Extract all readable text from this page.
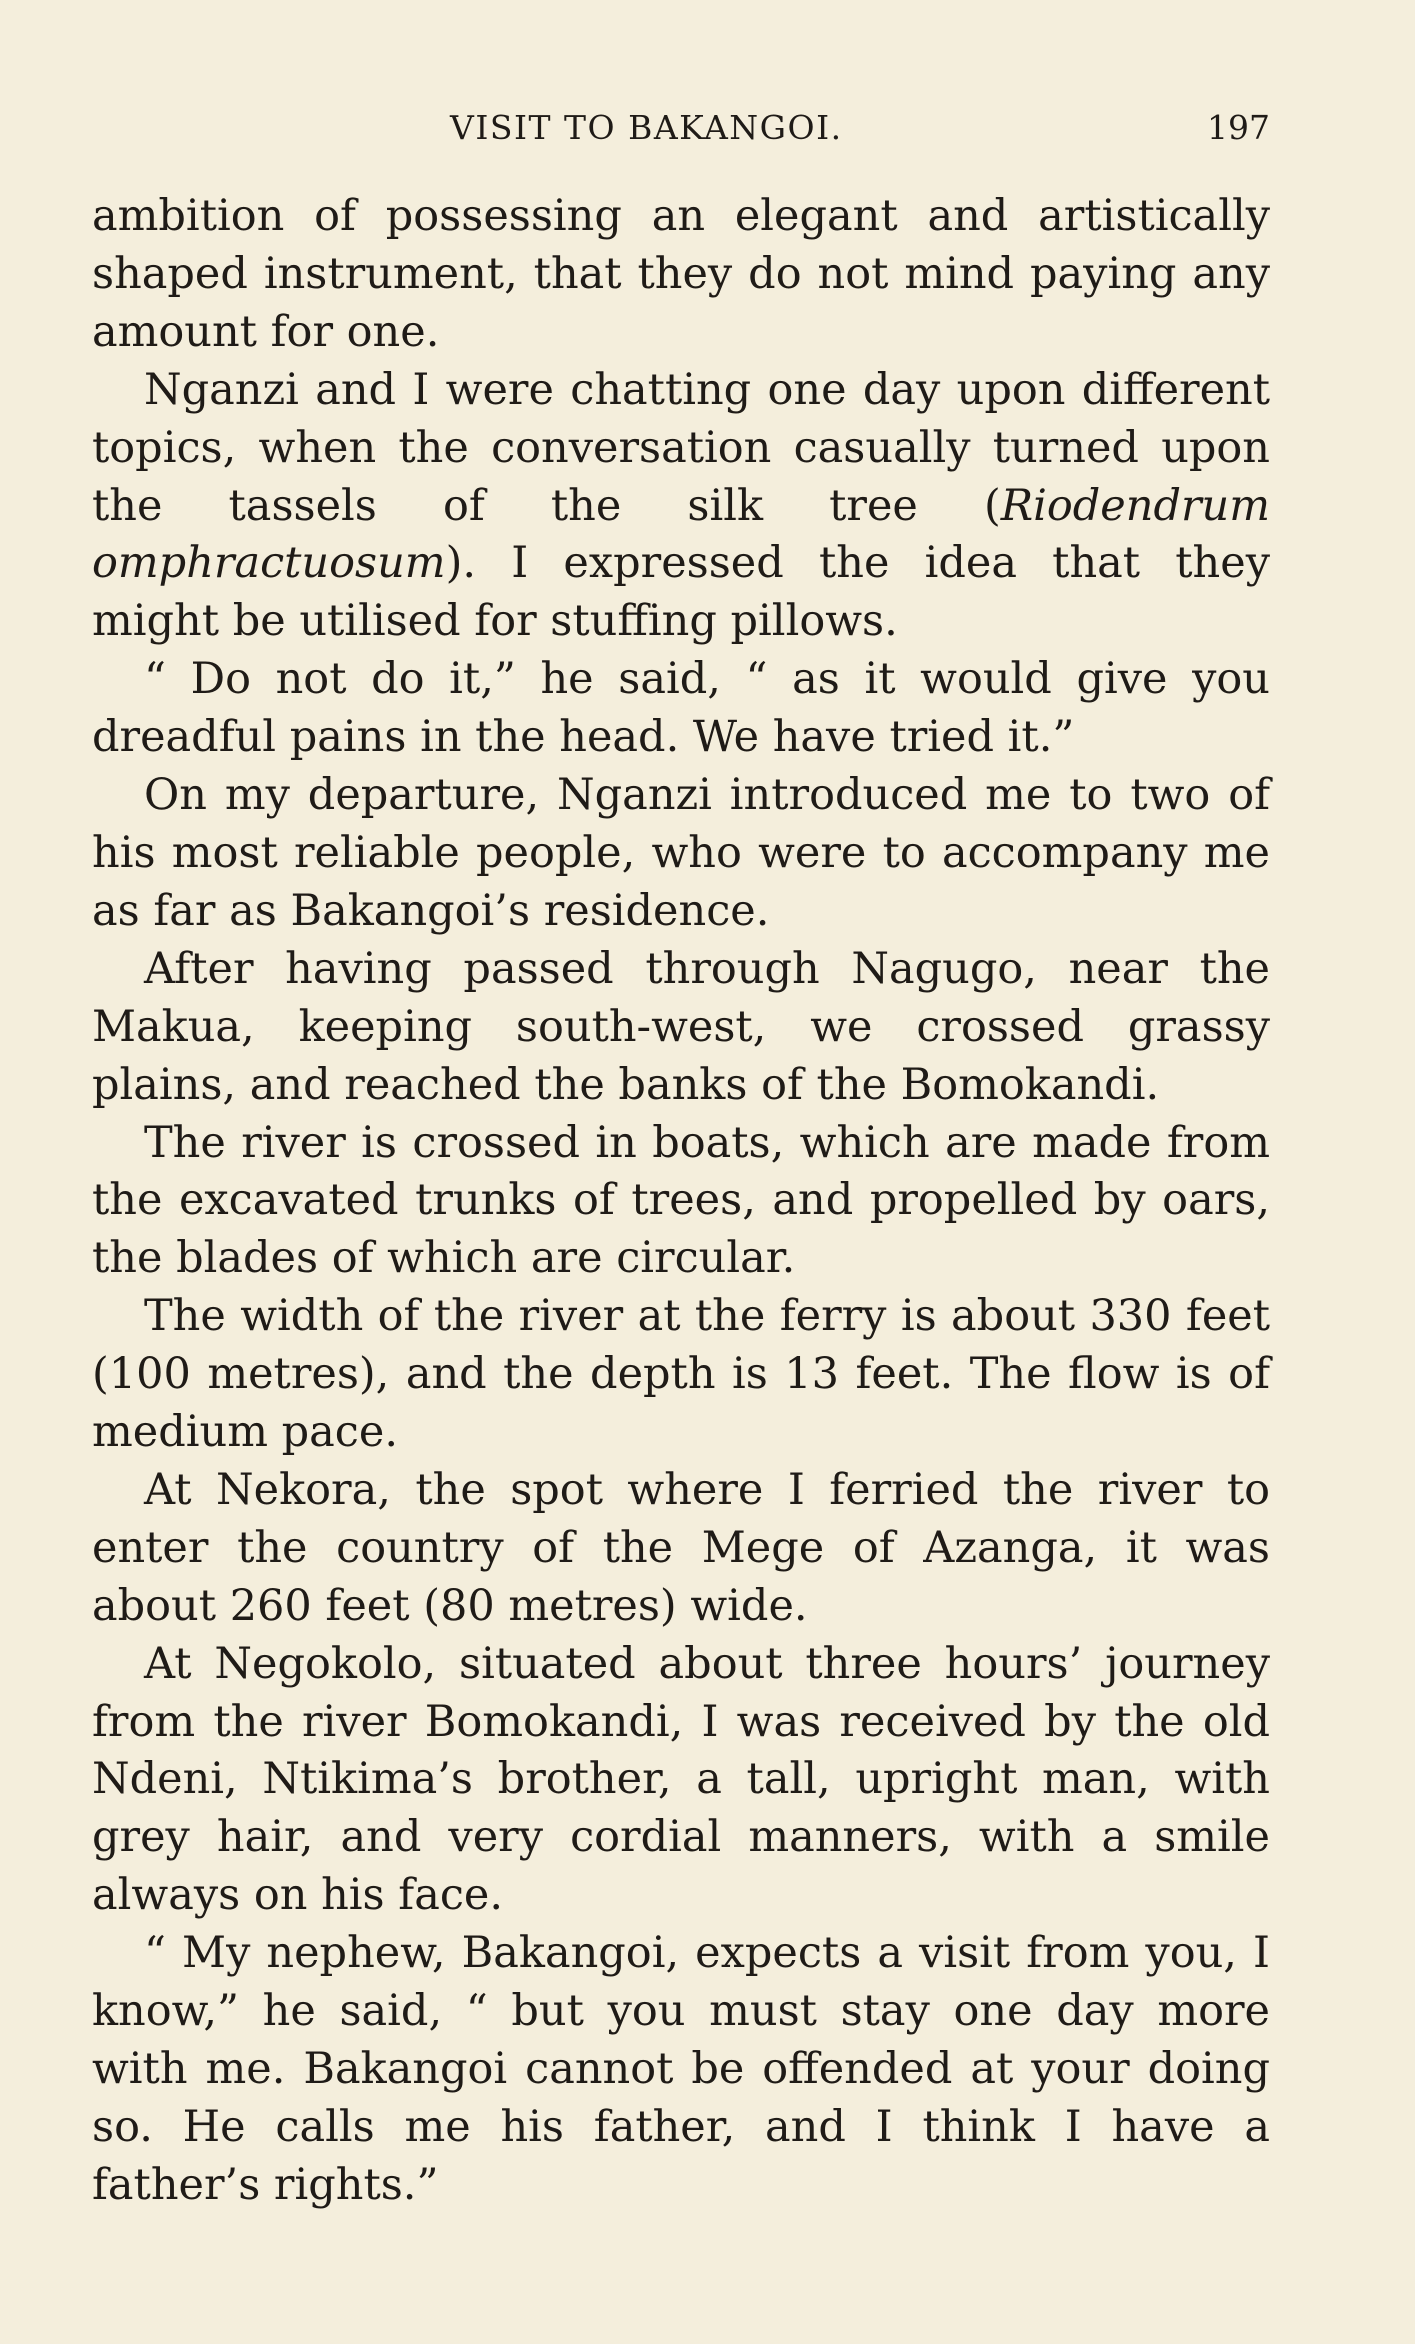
VISIT TO BAKANGOI.	197

ambition of possessing an elegant and artistically shaped instrument, that they do not mind paying any amount for one.

Nganzi and I were chatting one day upon different topics, when the conversation casually turned upon the tassels of the silk tree (Riodendrum omphractuosum). I expressed the idea that they might be utilised for stuffing pillows.

“ Do not do it,” he said, “ as it would give you dreadful pains in the head. We have tried it.”

On my departure, Nganzi introduced me to two of his most reliable people, who were to accompany me as far as Bakangoi’s residence.

After having passed through Nagugo, near the Makua, keeping south-west, we crossed grassy plains, and reached the banks of the Bomokandi.

The river is crossed in boats, which are made from the excavated trunks of trees, and propelled by oars, the blades of which are circular.

The width of the river at the ferry is about 330 feet (100 metres), and the depth is 13 feet. The flow is of medium pace.

At Nekora, the spot where I ferried the river to enter the country of the Mege of Azanga, it was about 260 feet (80 metres) wide.

At Negokolo, situated about three hours’ journey from the river Bomokandi, I was received by the old Ndeni, Ntikima’s brother, a tall, upright man, with grey hair, and very cordial manners, with a smile always on his face.

“ My nephew, Bakangoi, expects a visit from you, I know,” he said, “ but you must stay one day more with me. Bakangoi cannot be offended at your doing so. He calls me his father, and I think I have a father’s rights.”
